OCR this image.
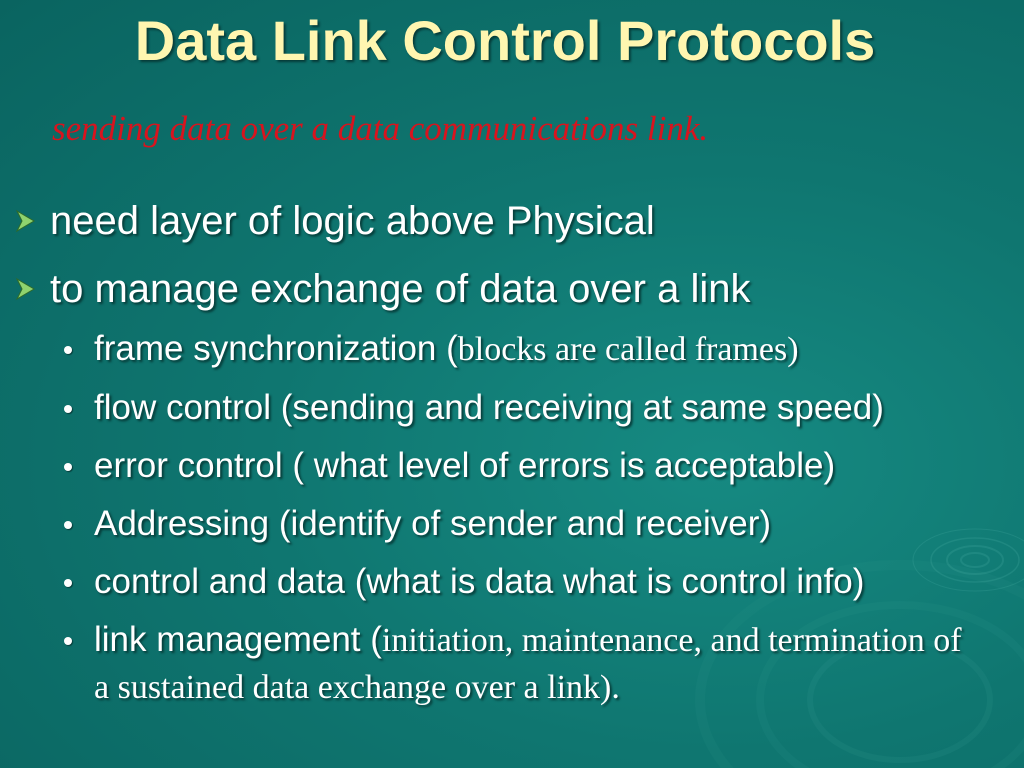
Data Link Control Protocols
sending data over a data communications link.
need layer of logic above Physical
to manage exchange of data over a link
frame synchronization (blocks are called frames)
flow control (sending and receiving at same speed)
error control ( what level of errors is acceptable)
Addressing (identify of sender and receiver)
control and data (what is data what is control info)
link management (initiation, maintenance, and termination of a sustained data exchange over a link).
